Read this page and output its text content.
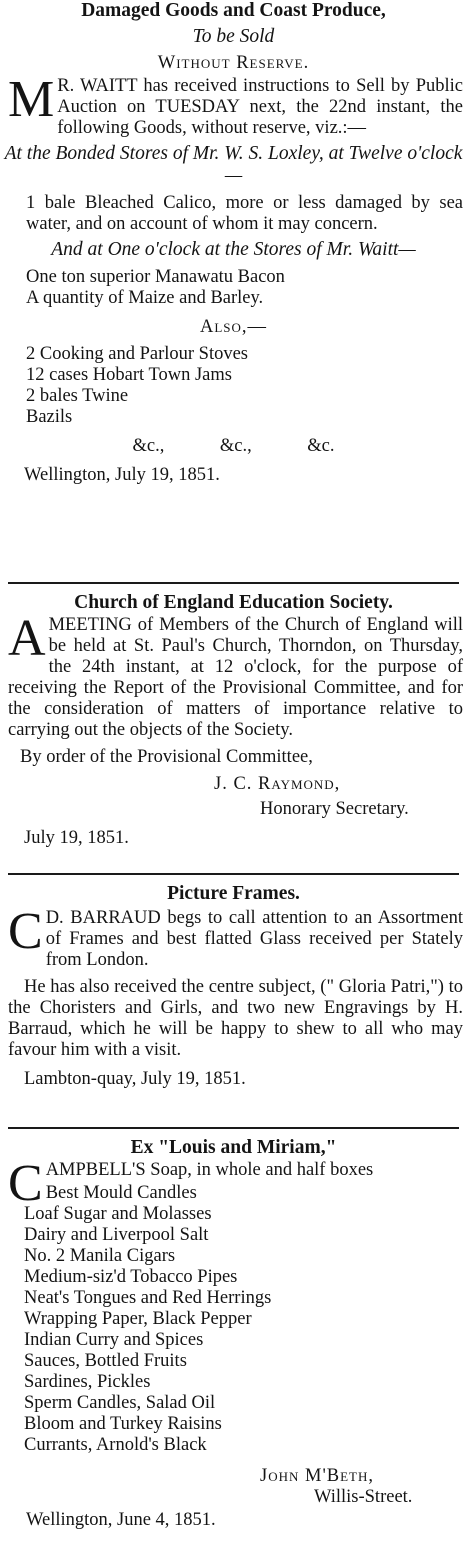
Damaged Goods and Coast Produce,
To be Sold
Without Reserve.
M R. WAITT has received instructions to Sell by Public Auction on TUESDAY next, the 22nd instant, the following Goods, without reserve, viz.:—
At the Bonded Stores of Mr. W. S. Loxley, at Twelve o'clock—
1 bale Bleached Calico, more or less damaged by sea water, and on account of whom it may concern.
And at One o'clock at the Stores of Mr. Waitt—
One ton superior Manawatu Bacon
A quantity of Maize and Barley.
Also,—
2 Cooking and Parlour Stoves
12 cases Hobart Town Jams
2 bales Twine
Bazils
&c.,            &c.,            &c.
Wellington, July 19, 1851.
Church of England Education Society.
A MEETING of Members of the Church of England will be held at St. Paul's Church, Thorndon, on Thursday, the 24th instant, at 12 o'clock, for the purpose of receiving the Report of the Provisional Committee, and for the consideration of matters of importance relative to carrying out the objects of the Society.
By order of the Provisional Committee,
J. C. Raymond,
Honorary Secretary.
July 19, 1851.
Picture Frames.
C D. BARRAUD begs to call attention to an Assortment of Frames and best flatted Glass received per Stately from London.
He has also received the centre subject, (" Gloria Patri,") to the Choristers and Girls, and two new Engravings by H. Barraud, which he will be happy to shew to all who may favour him with a visit.
Lambton-quay, July 19, 1851.
Ex "Louis and Miriam,"
C AMPBELL'S Soap, in whole and half boxes
Best Mould Candles
Loaf Sugar and Molasses
Dairy and Liverpool Salt
No. 2 Manila Cigars
Medium-siz'd Tobacco Pipes
Neat's Tongues and Red Herrings
Wrapping Paper, Black Pepper
Indian Curry and Spices
Sauces, Bottled Fruits
Sardines, Pickles
Sperm Candles, Salad Oil
Bloom and Turkey Raisins
Currants, Arnold's Black
John M'Beth,
Willis-Street.
Wellington, June 4, 1851.
